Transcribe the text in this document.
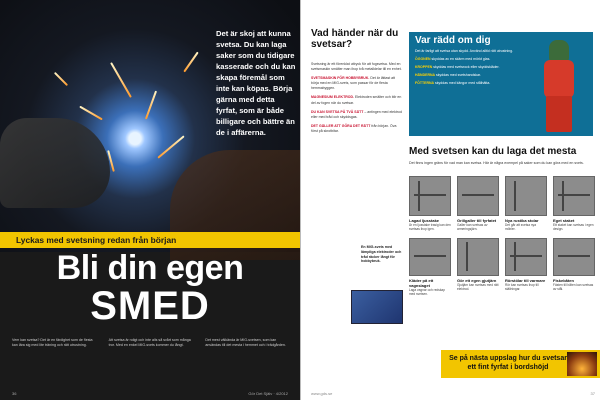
Det är skoj att kunna svetsa. Du kan laga saker som du tidigare kasserade och du kan skapa föremål som inte kan köpas. Börja gärna med detta fyrfat, som är både billigare och bättre än de i affärerna.
Lyckas med svetsning redan från början
Bli din egen
SMED
Vem kan svetsa? Det är en färdighet som de flesta kan lära sig med lite träning och rätt utrustning.
Att svetsa är roligt och inte alls så svårt som många tror. Med en enkel MIG-svets kommer du långt.
Det mest välkända är MIG-svetsen, som kan användas till det mesta i hemmet och i trädgården.
36	Gör Det Själv · 4/2012
Vad händer när du svetsar?

Svetsning är ett förenklat uttryck för att fogsvetsa. Med en svetsmaskin smälter man ihop två metalldelar till en enhet.

SVETSMASKIN FÖR HOBBYBRUK. Det är lättast att börja med en MIG-svets, som passar för de flesta hemmabyggen.

MAGNESIUM ELEKTROD. Elektroden smälter och blir en del av fogen när du svetsar.

DU KAN SVETSA PÅ TVÅ SÄTT – antingen med elektrod eller med tråd och skyddsgas.

DET GÄLLER ATT GÖRA DET RÄTT från början. Öva först på skrotbitar.

En MIG-svets med lämpliga elektroder och tråd räcker långt för hobbybruk.
Var rädd om dig

Det är farligt att svetsa utan skydd. Använd alltid rätt utrustning.

ÖGONEN skyddas av en skärm med mörkt glas.

KROPPEN skyddas med svetsrock eller skyddskläder.

HÄNDERNA skyddas med svetshandskar.

FÖTTERNA skyddas med kängor med stålhätta.

Med svetsen kan du laga det mesta
Det finns ingen gräns för vad man kan svetsa. Här är några exempel på saker som du kan göra med en svets.
Lagad ljusstake
Är en ljusstake trasig kan den svetsas ihop igen.
Grillgaller till fyrfatet
Galler kan svetsas av armeringsjärn.
Nya rustika stolar
Det går att svetsa nya möbler.
Eget staket
Ett staket kan svetsas i egen design.
Kläder på ett vagnslaget
Laga vagnar och redskap med svetsen.
Gör ett egen gjutjärn
Gjutjärn kan svetsas med rätt elektrod.
Rörstölar till varmare
Rör kan svetsas ihop till ställningar.
Fiskebåten
Fästen till båten kan svetsas av stål.
Se på nästa uppslag hur du svetsar ett fint fyrfat i bordshöjd
www.gds.se	37
